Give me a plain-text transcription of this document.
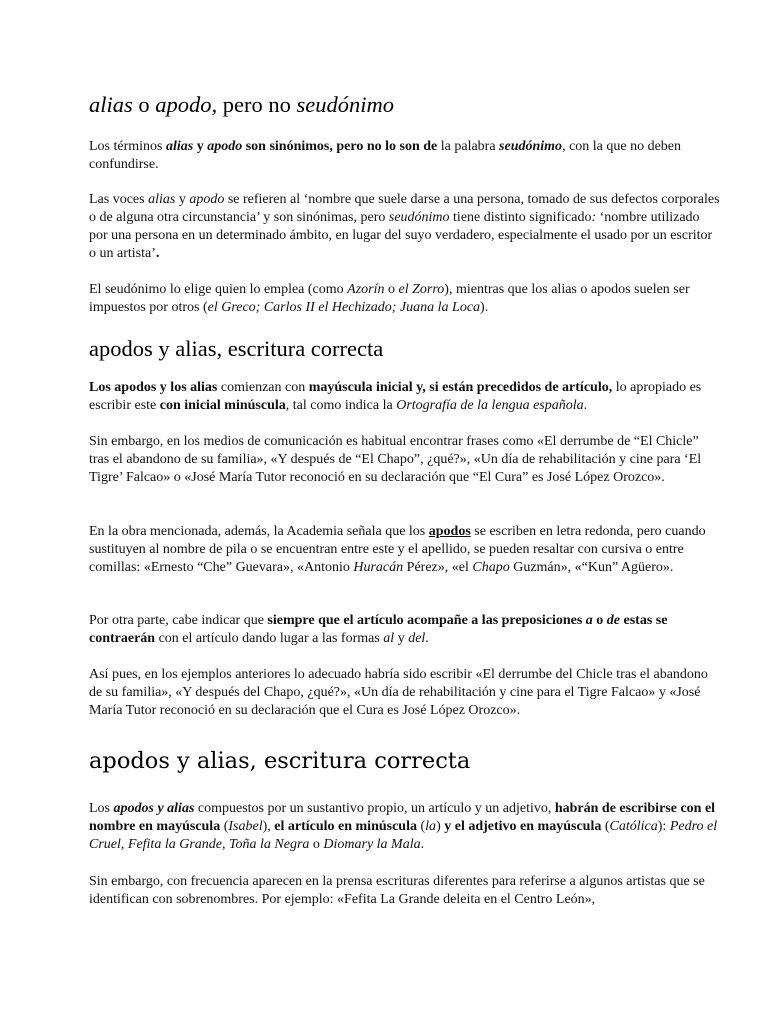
alias o apodo, pero no seudónimo

Los términos alias y apodo son sinónimos, pero no lo son de la palabra seudónimo, con la que no deben confundirse.

Las voces alias y apodo se refieren al ‘nombre que suele darse a una persona, tomado de sus defectos corporales o de alguna otra circunstancia’ y son sinónimas, pero seudónimo tiene distinto significado: ‘nombre utilizado por una persona en un determinado ámbito, en lugar del suyo verdadero, especialmente el usado por un escritor o un artista’.

El seudónimo lo elige quien lo emplea (como Azorín o el Zorro), mientras que los alias o apodos suelen ser impuestos por otros (el Greco; Carlos II el Hechizado; Juana la Loca).

apodos y alias, escritura correcta

Los apodos y los alias comienzan con mayúscula inicial y, si están precedidos de artículo, lo apropiado es escribir este con inicial minúscula, tal como indica la Ortografía de la lengua española.

Sin embargo, en los medios de comunicación es habitual encontrar frases como «El derrumbe de “El Chicle” tras el abandono de su familia», «Y después de “El Chapo”, ¿qué?», «Un día de rehabilitación y cine para ‘El Tigre’ Falcao» o «José María Tutor reconoció en su declaración que “El Cura” es José López Orozco».

En la obra mencionada, además, la Academia señala que los apodos se escriben en letra redonda, pero cuando sustituyen al nombre de pila o se encuentran entre este y el apellido, se pueden resaltar con cursiva o entre comillas: «Ernesto “Che” Guevara», «Antonio Huracán Pérez», «el Chapo Guzmán», «“Kun” Agüero».

Por otra parte, cabe indicar que siempre que el artículo acompañe a las preposiciones a o de estas se contraerán con el artículo dando lugar a las formas al y del.

Así pues, en los ejemplos anteriores lo adecuado habría sido escribir «El derrumbe del Chicle tras el abandono de su familia», «Y después del Chapo, ¿qué?», «Un día de rehabilitación y cine para el Tigre Falcao» y «José María Tutor reconoció en su declaración que el Cura es José López Orozco».

apodos y alias, escritura correcta

Los apodos y alias compuestos por un sustantivo propio, un artículo y un adjetivo, habrán de escribirse con el nombre en mayúscula (Isabel), el artículo en minúscula (la) y el adjetivo en mayúscula (Católica): Pedro el Cruel, Fefita la Grande, Toña la Negra o Diomary la Mala.

Sin embargo, con frecuencia aparecen en la prensa escrituras diferentes para referirse a algunos artistas que se identifican con sobrenombres. Por ejemplo: «Fefita La Grande deleita en el Centro León»,
